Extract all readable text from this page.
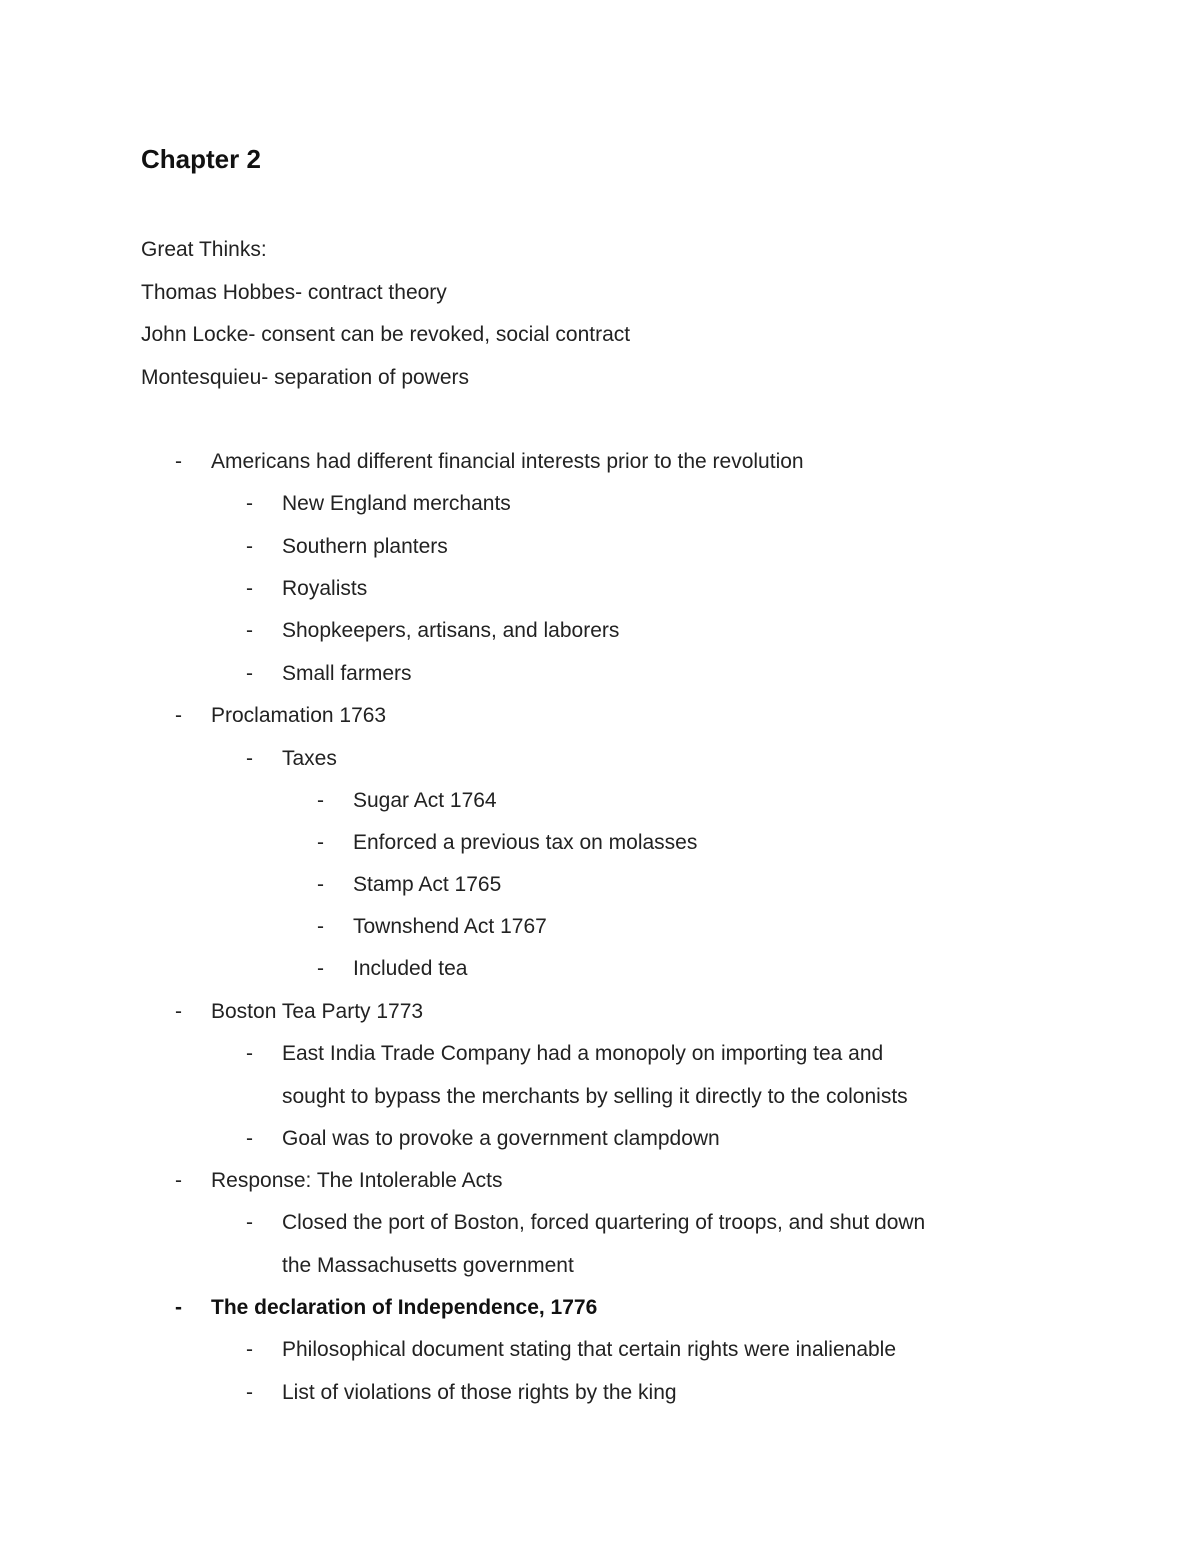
Chapter 2
Great Thinks:
Thomas Hobbes- contract theory
John Locke- consent can be revoked, social contract
Montesquieu- separation of powers
- Americans had different financial interests prior to the revolution
- New England merchants
- Southern planters
- Royalists
- Shopkeepers, artisans, and laborers
- Small farmers
- Proclamation 1763
- Taxes
- Sugar Act 1764
- Enforced a previous tax on molasses
- Stamp Act 1765
- Townshend Act 1767
- Included tea
- Boston Tea Party 1773
- East India Trade Company had a monopoly on importing tea and
sought to bypass the merchants by selling it directly to the colonists
- Goal was to provoke a government clampdown
- Response: The Intolerable Acts
- Closed the port of Boston, forced quartering of troops, and shut down
the Massachusetts government
- The declaration of Independence, 1776
- Philosophical document stating that certain rights were inalienable
- List of violations of those rights by the king
